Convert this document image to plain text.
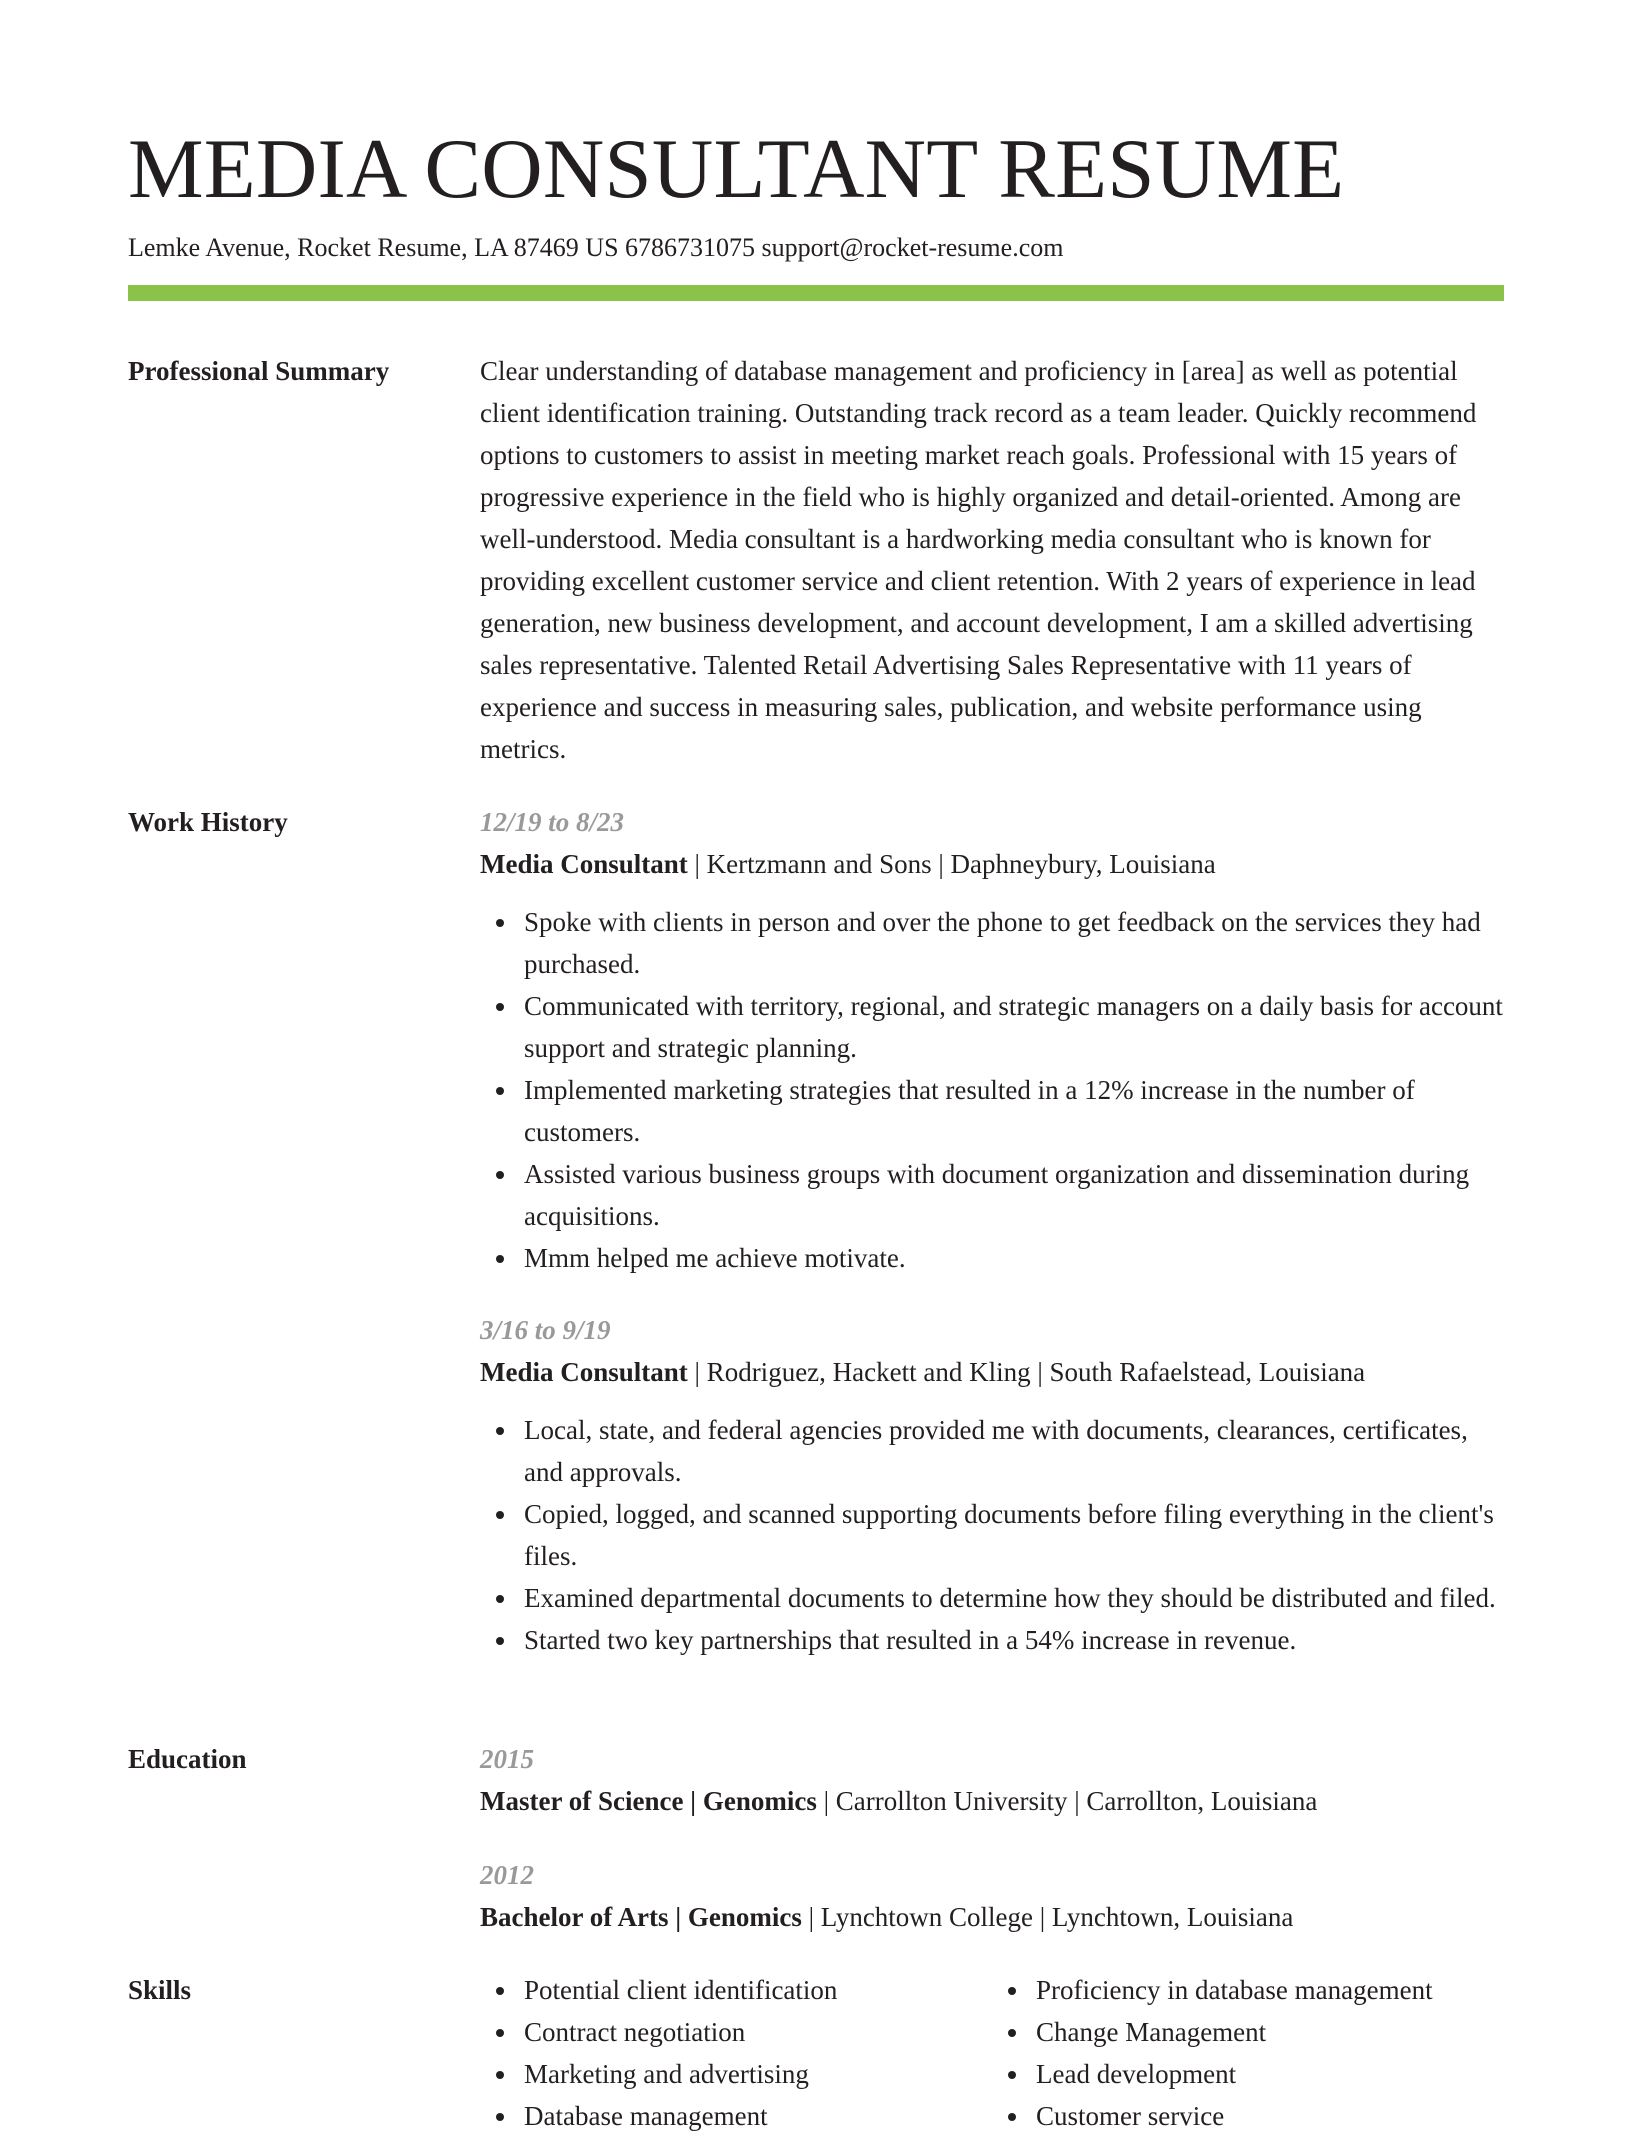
MEDIA CONSULTANT RESUME
Lemke Avenue, Rocket Resume, LA 87469 US 6786731075 support@rocket-resume.com
Professional Summary	Clear understanding of database management and proficiency in [area] as well as potential client identification training. Outstanding track record as a team leader. Quickly recommend options to customers to assist in meeting market reach goals. Professional with 15 years of progressive experience in the field who is highly organized and detail-oriented. Among are well-understood. Media consultant is a hardworking media consultant who is known for providing excellent customer service and client retention. With 2 years of experience in lead generation, new business development, and account development, I am a skilled advertising sales representative. Talented Retail Advertising Sales Representative with 11 years of experience and success in measuring sales, publication, and website performance using metrics.

Work History	12/19 to 8/23

Media Consultant | Kertzmann and Sons | Daphneybury, Louisiana

Spoke with clients in person and over the phone to get feedback on the services they had purchased.
Communicated with territory, regional, and strategic managers on a daily basis for account support and strategic planning.
Implemented marketing strategies that resulted in a 12% increase in the number of customers.
Assisted various business groups with document organization and dissemination during acquisitions.
Mmm helped me achieve motivate.

3/16 to 9/19

Media Consultant | Rodriguez, Hackett and Kling | South Rafaelstead, Louisiana

Local, state, and federal agencies provided me with documents, clearances, certificates, and approvals.
Copied, logged, and scanned supporting documents before filing everything in the client's files.
Examined departmental documents to determine how they should be distributed and filed.
Started two key partnerships that resulted in a 54% increase in revenue.
Education	2015

Master of Science | Genomics | Carrollton University | Carrollton, Louisiana

2012

Bachelor of Arts | Genomics | Lynchtown College | Lynchtown, Louisiana

Skills	Potential client identification
Contract negotiation
Marketing and advertising
Database management
Proficiency in database management
Change Management
Lead development
Customer service
